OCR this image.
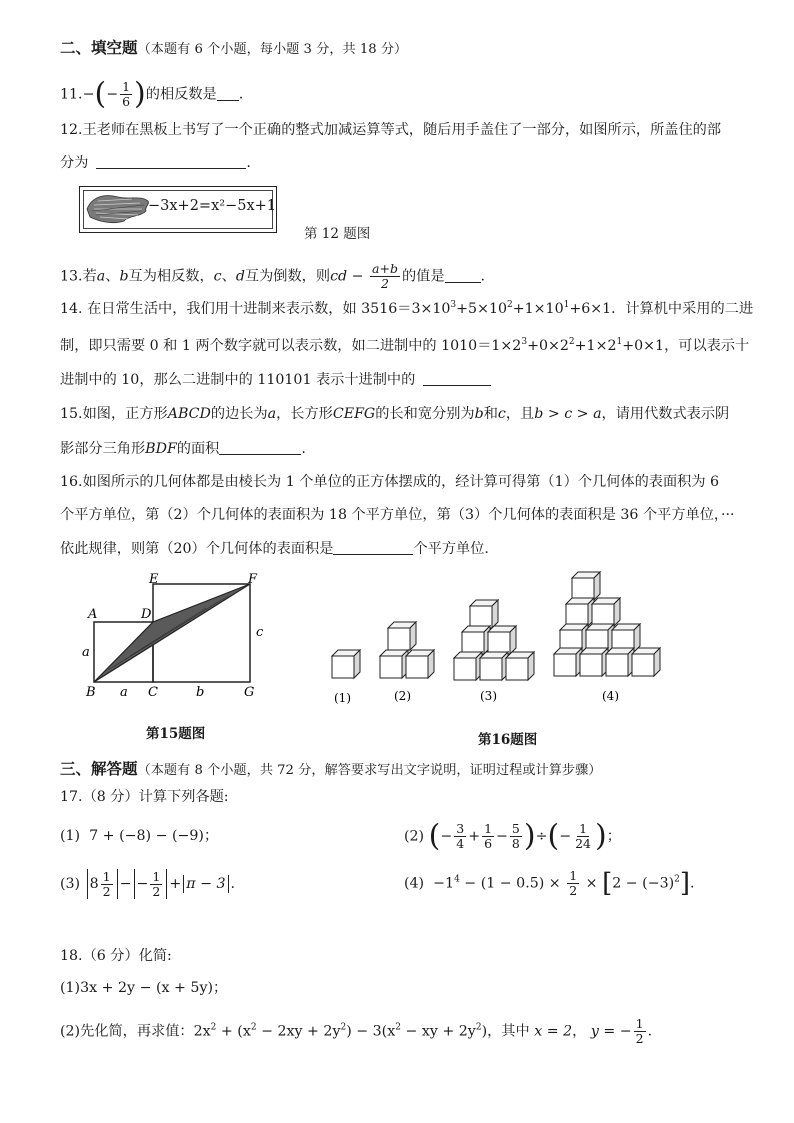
二、填空题（本题有 6 个小题，每小题 3 分，共 18 分）
$11.-(- \frac{1}{6}$ )的相反数是 .
12.王老师在黑板上书写了一个正确的整式加减运算等式，随后用手盖住了一部分，如图所示，所盖住的部
分为	.
−3x+2=x²−5x+1
第 12 题图
13.若a、b互为相反数，c、d互为倒数，则cd − $\frac{a+b}{2}$ 的值是	.
14. 在日常生活中，我们用十进制来表示数，如 $3516=3\times 10^3+5\times 10^2+1\times 10^1+6\times 1$．计算机中采用的二进
制，即只需要 0 和 1 两个数字就可以表示数，如二进制中的 $1010=1\times 2^3+0\times 2^2+1\times 2^1+0\times 1$，可以表示十
进制中的 10，那么二进制中的 110101 表示十进制中的
15.如图，正方形ABCD的边长为a，长方形CEFG的长和宽分别为b和c，且b > c > a，请用代数式表示阴
影部分三角形BDF的面积	.
16.如图所示的几何体都是由棱长为 1 个单位的正方体摆成的，经计算可得第（1）个几何体的表面积为 6
个平方单位，第（2）个几何体的表面积为 18 个平方单位，第（3）个几何体的表面积是 36 个平方单位，···
依此规律，则第（20）个几何体的表面积是	个平方单位.
A
B	C
D
E	F
G
a
a	b
c
第15题图
(1)	(2)	(3)	(4)
第16题图
三、解答题（本题有 8 个小题，共 72 分，解答要求写出文字说明，证明过程或计算步骤）
17.（8 分）计算下列各题:
(1) 7 + (−8) − (−9)；	(2) (− $\frac{3}{4} + \frac{1}{6} - \frac{5}{8}$ )÷(− $\frac{1}{24}$ )；
(3) $8 \frac{1}{2}$ − − $\frac{1}{2} + \pi - 3$ .	$(4) -1^4 - (1 - 0.5) \times \frac{1}{2} \times [2 - (-3)^2]$.
18.（6 分）化简:
(1)3x + 2y − (x + 5y)；
(2)先化简，再求值：$2x^2 + (x^2 - 2xy + 2y^2) - 3(x^2$ − xy + $2y^2$)，其中 x = 2， y = − $\frac{1}{2}$ .
